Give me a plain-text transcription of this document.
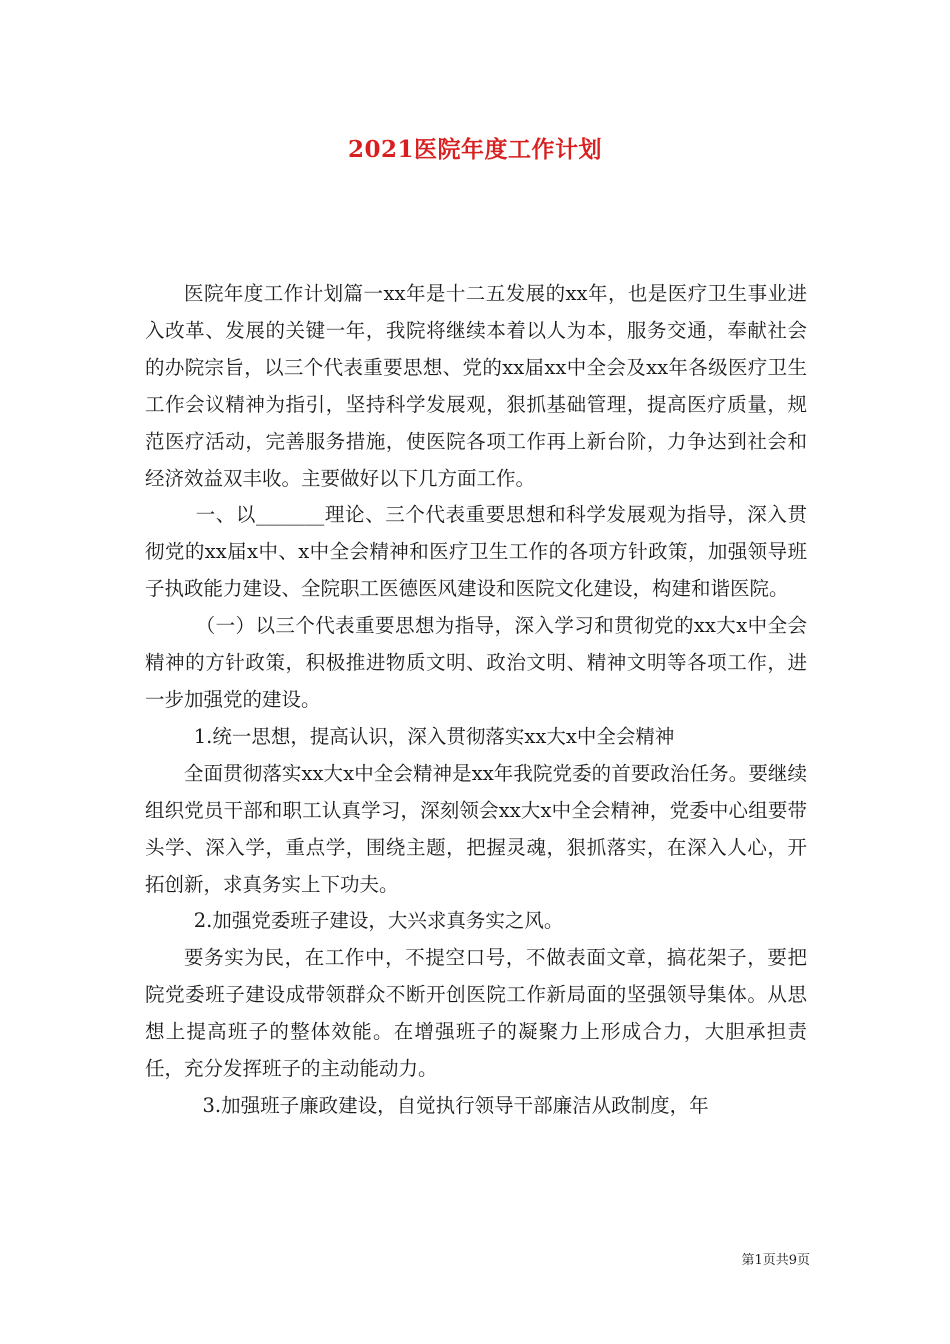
2021医院年度工作计划

医院年度工作计划篇一xx年是十二五发展的xx年，也是医疗卫生事业进入改革、发展的关键一年，我院将继续本着以人为本，服务交通，奉献社会的办院宗旨，以三个代表重要思想、党的xx届xx中全会及xx年各级医疗卫生工作会议精神为指引，坚持科学发展观，狠抓基础管理，提高医疗质量，规范医疗活动，完善服务措施，使医院各项工作再上新台阶，力争达到社会和经济效益双丰收。主要做好以下几方面工作。

一、以_______理论、三个代表重要思想和科学发展观为指导，深入贯彻党的xx届x中、x中全会精神和医疗卫生工作的各项方针政策，加强领导班子执政能力建设、全院职工医德医风建设和医院文化建设，构建和谐医院。

（一）以三个代表重要思想为指导，深入学习和贯彻党的xx大x中全会精神的方针政策，积极推进物质文明、政治文明、精神文明等各项工作，进一步加强党的建设。

1.统一思想，提高认识，深入贯彻落实xx大x中全会精神

全面贯彻落实xx大x中全会精神是xx年我院党委的首要政治任务。要继续组织党员干部和职工认真学习，深刻领会xx大x中全会精神，党委中心组要带头学、深入学，重点学，围绕主题，把握灵魂，狠抓落实，在深入人心，开拓创新，求真务实上下功夫。

2.加强党委班子建设，大兴求真务实之风。

要务实为民，在工作中，不提空口号，不做表面文章，搞花架子，要把院党委班子建设成带领群众不断开创医院工作新局面的坚强领导集体。从思想上提高班子的整体效能。在增强班子的凝聚力上形成合力，大胆承担责任，充分发挥班子的主动能动力。

3.加强班子廉政建设，自觉执行领导干部廉洁从政制度，年

第1页共9页
